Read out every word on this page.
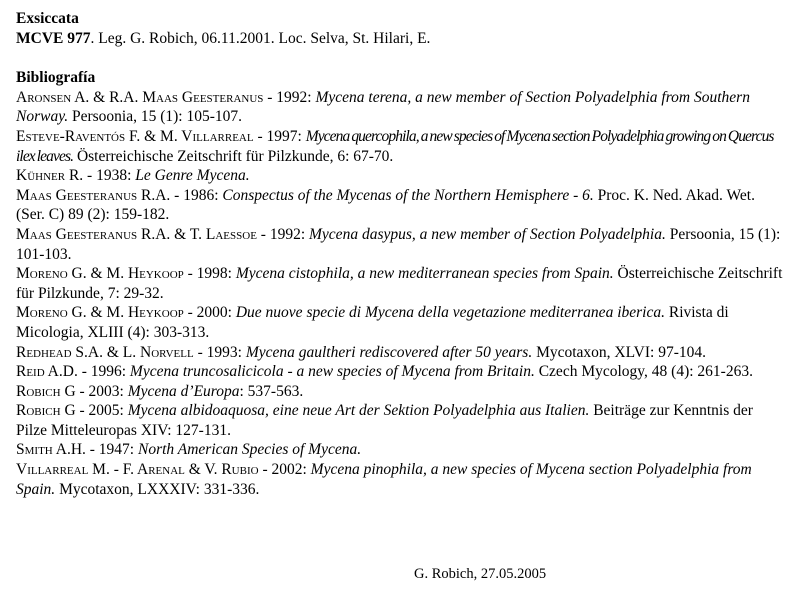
Exsiccata
MCVE 977. Leg. G. Robich, 06.11.2001. Loc. Selva, St. Hilari, E.
Bibliografía
Aronsen A. & R.A. Maas Geesteranus - 1992: Mycena terena, a new member of Section Polyadelphia from Southern Norway. Persoonia, 15 (1): 105-107.
Esteve-Raventós F. & M. Villarreal - 1997: Mycena quercophila, a new species of Mycena section Polyadelphia growing on Quercus ilex leaves. Österreichische Zeitschrift für Pilzkunde, 6: 67-70.
Kühner R. - 1938: Le Genre Mycena.
Maas Geesteranus R.A. - 1986: Conspectus of the Mycenas of the Northern Hemisphere - 6. Proc. K. Ned. Akad. Wet. (Ser. C) 89 (2): 159-182.
Maas Geesteranus R.A. & T. Laessoe - 1992: Mycena dasypus, a new member of Section Polyadelphia. Persoonia, 15 (1): 101-103.
Moreno G. & M. Heykoop - 1998: Mycena cistophila, a new mediterranean species from Spain. Österreichische Zeitschrift für Pilzkunde, 7: 29-32.
Moreno G. & M. Heykoop - 2000: Due nuove specie di Mycena della vegetazione mediterranea iberica. Rivista di Micologia, XLIII (4): 303-313.
Redhead S.A. & L. Norvell - 1993: Mycena gaultheri rediscovered after 50 years. Mycotaxon, XLVI: 97-104.
Reid A.D. - 1996: Mycena truncosalicicola - a new species of Mycena from Britain. Czech Mycology, 48 (4): 261-263.
Robich G - 2003: Mycena d’Europa: 537-563.
Robich G - 2005: Mycena albidoaquosa, eine neue Art der Sektion Polyadelphia aus Italien. Beiträge zur Kenntnis der Pilze Mitteleuropas XIV: 127-131.
Smith A.H. - 1947: North American Species of Mycena.
Villarreal M. - F. Arenal & V. Rubio - 2002: Mycena pinophila, a new species of Mycena section Polyadelphia from Spain. Mycotaxon, LXXXIV: 331-336.
G. Robich, 27.05.2005
